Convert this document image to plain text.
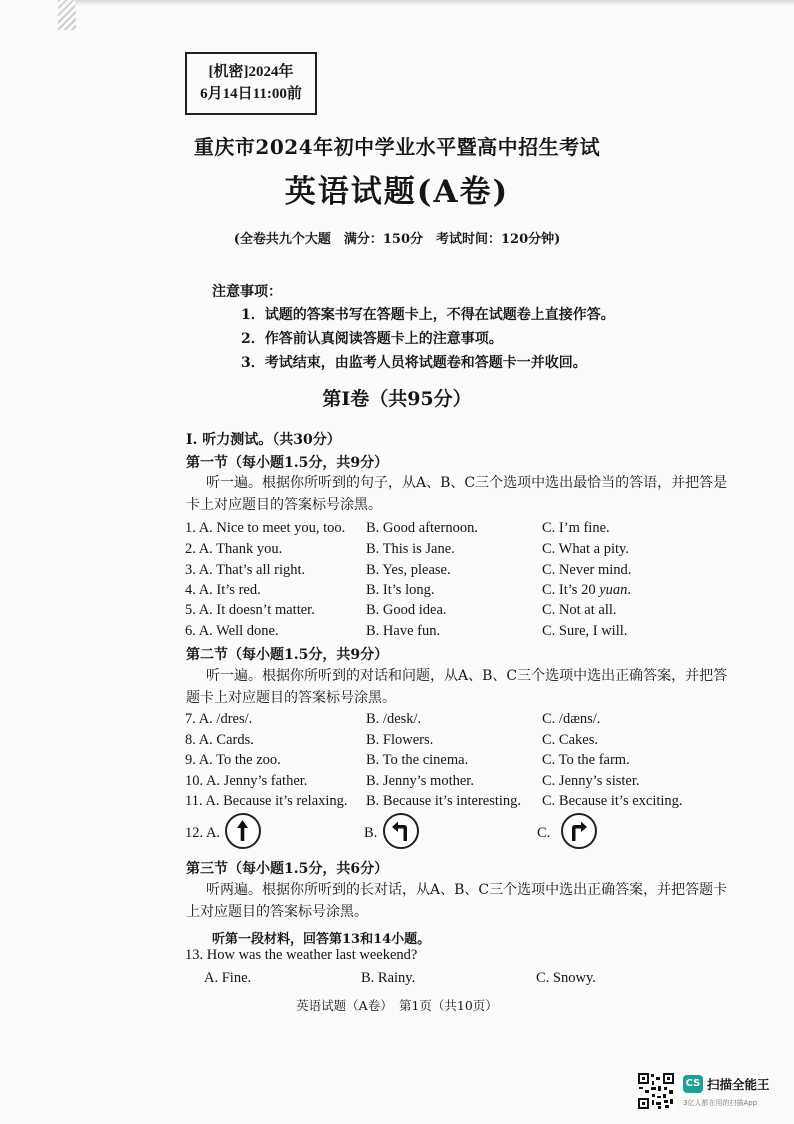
[机密]2024年
6月14日11:00前
重庆市2024年初中学业水平暨高中招生考试
英语试题(A卷)
(全卷共九个大题　满分：150分　考试时间：120分钟)
注意事项：
1．试题的答案书写在答题卡上，不得在试题卷上直接作答。
2．作答前认真阅读答题卡上的注意事项。
3．考试结束，由监考人员将试题卷和答题卡一并收回。
第Ⅰ卷（共95分）
I. 听力测试。（共30分）
第一节（每小题1.5分，共9分）
听一遍。根据你所听到的句子，从A、B、C三个选项中选出最恰当的答语，并把答是
卡上对应题目的答案标号涂黑。
1. A. Nice to meet you, too. B. Good afternoon.	C. I’m fine.
2. A. Thank you.	B. This is Jane.	C. What a pity.
3. A. That’s all right.	B. Yes, please.	C. Never mind.
4. A. It’s red.	B. It’s long.	C. It’s 20 yuan.
5. A. It doesn’t matter.	B. Good idea.	C. Not at all.
6. A. Well done.	B. Have fun.	C. Sure, I will.
第二节（每小题1.5分，共9分）
听一遍。根据你所听到的对话和问题，从A、B、C三个选项中选出正确答案，并把答
题卡上对应题目的答案标号涂黑。
7. A. /dres/.	B. /desk/.	C. /dæns/.
8. A. Cards.	B. Flowers.	C. Cakes.
9. A. To the zoo.	B. To the cinema.	C. To the farm.
10. A. Jenny’s father.	B. Jenny’s mother.	C. Jenny’s sister.
11. A. Because it’s relaxing. B. Because it’s interesting. C. Because it’s exciting.
12. A.	B.	C.
第三节（每小题1.5分，共6分）
听两遍。根据你所听到的长对话，从A、B、C三个选项中选出正确答案，并把答题卡
上对应题目的答案标号涂黑。
听第一段材料，回答第13和14小题。
13. How was the weather last weekend?
A. Fine.	B. Rainy.	C. Snowy.
英语试题（A卷）　第1页（共10页）
CS 扫描全能王
3亿人都在用的扫描App
